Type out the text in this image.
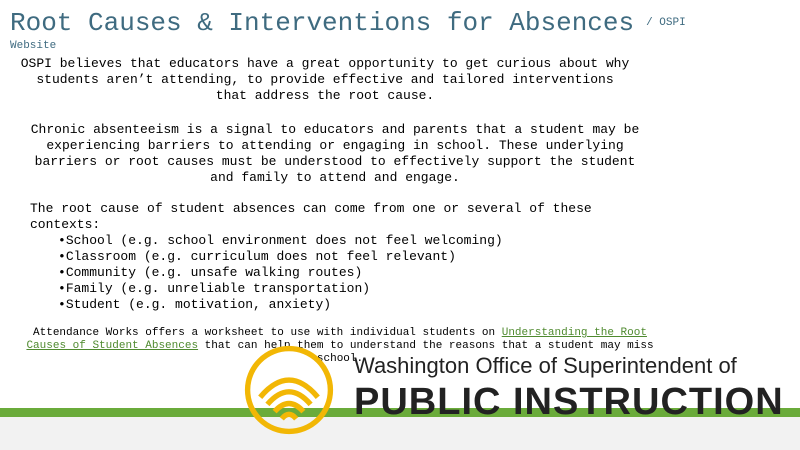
Root Causes & Interventions for Absences / OSPI
Website
OSPI believes that educators have a great opportunity to get curious about why students aren’t attending, to provide effective and tailored interventions that address the root cause.
Chronic absenteeism is a signal to educators and parents that a student may be experiencing barriers to attending or engaging in school. These underlying barriers or root causes must be understood to effectively support the student and family to attend and engage.
The root cause of student absences can come from one or several of these contexts:
• School (e.g. school environment does not feel welcoming)
• Classroom (e.g. curriculum does not feel relevant)
• Community (e.g. unsafe walking routes)
• Family (e.g. unreliable transportation)
• Student (e.g. motivation, anxiety)
Attendance Works offers a worksheet to use with individual students on Understanding the Root Causes of Student Absences that can help them to understand the reasons that a student may miss school.
Washington Office of Superintendent of
PUBLIC INSTRUCTION
